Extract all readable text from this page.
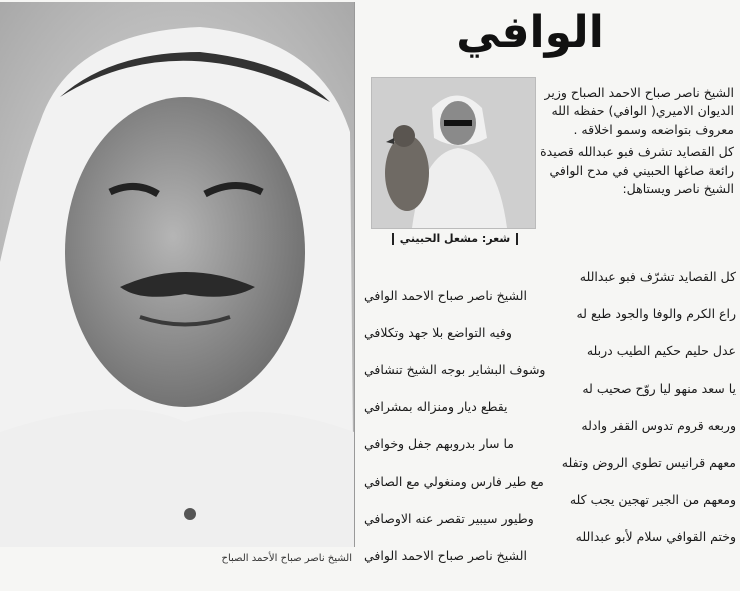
الشيخ ناصر صباح الأحمد الصباح
الوافي
شعر: مشعل الحبيني

الشيخ ناصر صباح الاحمد الصباح وزير الديوان الاميري( الوافي) حفظه الله معروف بتواضعه وسمو اخلاقه .

كل القصايد تشرف فبو عبدالله قصيدة رائعة صاغها الحبيني في مدح الوافي الشيخ ناصر ويستاهل:

كل القصايد تشرّف فبو عبدالله
الشيخ ناصر صباح الاحمد الوافي
راع الكرم والوفا والجود طبع له
وفيه التواضع بلا جهد وتكلافي
عدل حليم حكيم الطيب دربله
وشوف البشاير بوجه الشيخ تنشافي
يا سعد منهو ليا روّح صحيب له
يقطع ديار ومنزاله بمشرافي
وربعه قروم تدوس القفر وادله
ما سار بدروبهم جفل وخوافي
معهم قرانيس تطوي الروض وتفله
مع طير فارس ومنغولي مع الصافي
ومعهم من الجير تهجين يجب كله
وطيور سيبير تقصر عنه الاوصافي
وختم القوافي سلام لأبو عبدالله
الشيخ ناصر صباح الاحمد الوافي
